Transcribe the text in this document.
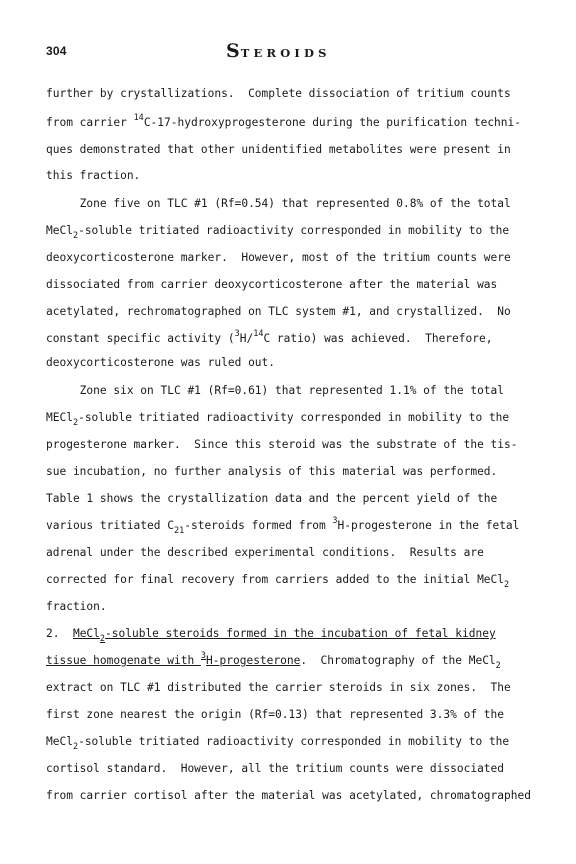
304	STEROIDS
further by crystallizations.  Complete dissociation of tritium counts
from carrier $^{14}$C-17-hydroxyprogesterone during the purification techni-
ques demonstrated that other unidentified metabolites were present in
this fraction.
Zone five on TLC #1 (Rf=0.54) that represented 0.8% of the total
MeCl$_2$-soluble tritiated radioactivity corresponded in mobility to the
deoxycorticosterone marker.  However, most of the tritium counts were
dissociated from carrier deoxycorticosterone after the material was
acetylated, rechromatographed on TLC system #1, and crystallized.  No
constant specific activity ($^3$H/$^{14}$C ratio) was achieved.  Therefore,
deoxycorticosterone was ruled out.
Zone six on TLC #1 (Rf=0.61) that represented 1.1% of the total
MECl$_2$-soluble tritiated radioactivity corresponded in mobility to the
progesterone marker.  Since this steroid was the substrate of the tis-
sue incubation, no further analysis of this material was performed.
Table 1 shows the crystallization data and the percent yield of the
various tritiated $C_{21}$-steroids formed from $^3$H-progesterone in the fetal
adrenal under the described experimental conditions.  Results are
corrected for final recovery from carriers added to the initial MeCl$_2$
fraction.
2.  MeCl$_2$-soluble steroids formed in the incubation of fetal kidney
tissue homogenate with $^3$H-progesterone.  Chromatography of the MeCl$_2$
extract on TLC #1 distributed the carrier steroids in six zones.  The
first zone nearest the origin (Rf=0.13) that represented 3.3% of the
MeCl$_2$-soluble tritiated radioactivity corresponded in mobility to the
cortisol standard.  However, all the tritium counts were dissociated
from carrier cortisol after the material was acetylated, chromatographed
